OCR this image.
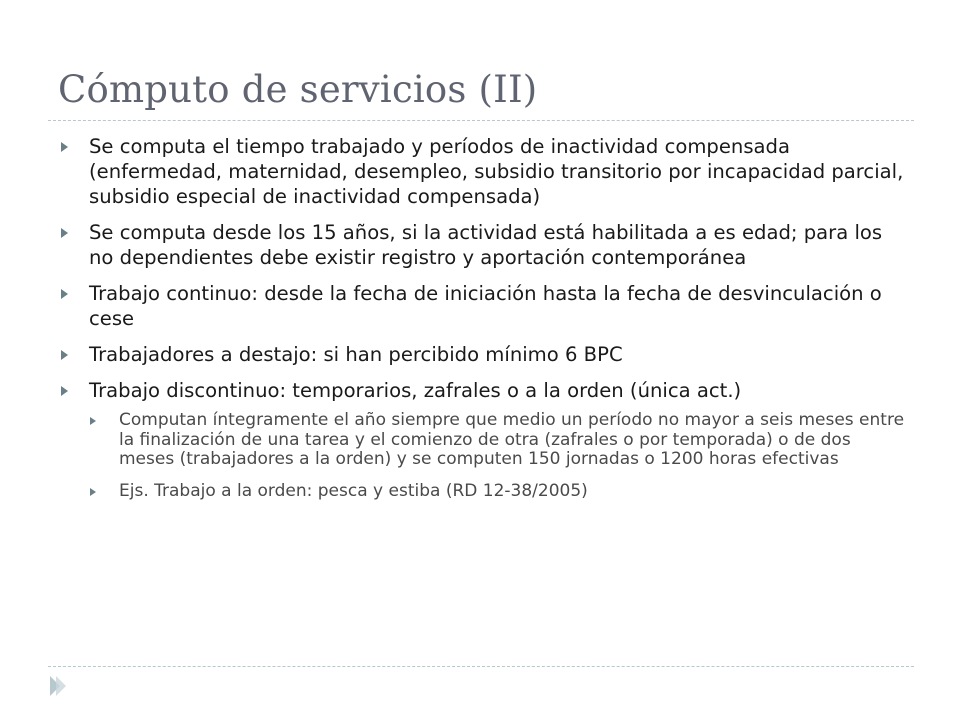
Cómputo de servicios (II)
Se computa el tiempo trabajado y períodos de inactividad compensada (enfermedad, maternidad, desempleo, subsidio transitorio por incapacidad parcial, subsidio especial de inactividad compensada)
Se computa desde los 15 años, si la actividad está habilitada a es edad; para los no dependientes debe existir registro y aportación contemporánea
Trabajo continuo: desde la fecha de iniciación hasta la fecha de desvinculación o cese
Trabajadores a destajo: si han percibido mínimo 6 BPC
Trabajo discontinuo: temporarios, zafrales o a la orden (única act.)
Computan íntegramente el año siempre que medio un período no mayor a seis meses entre la finalización de una tarea y el comienzo de otra (zafrales o por temporada) o de dos meses (trabajadores a la orden) y se computen 150 jornadas o 1200 horas efectivas
Ejs. Trabajo a la orden: pesca y estiba (RD 12-38/2005)
